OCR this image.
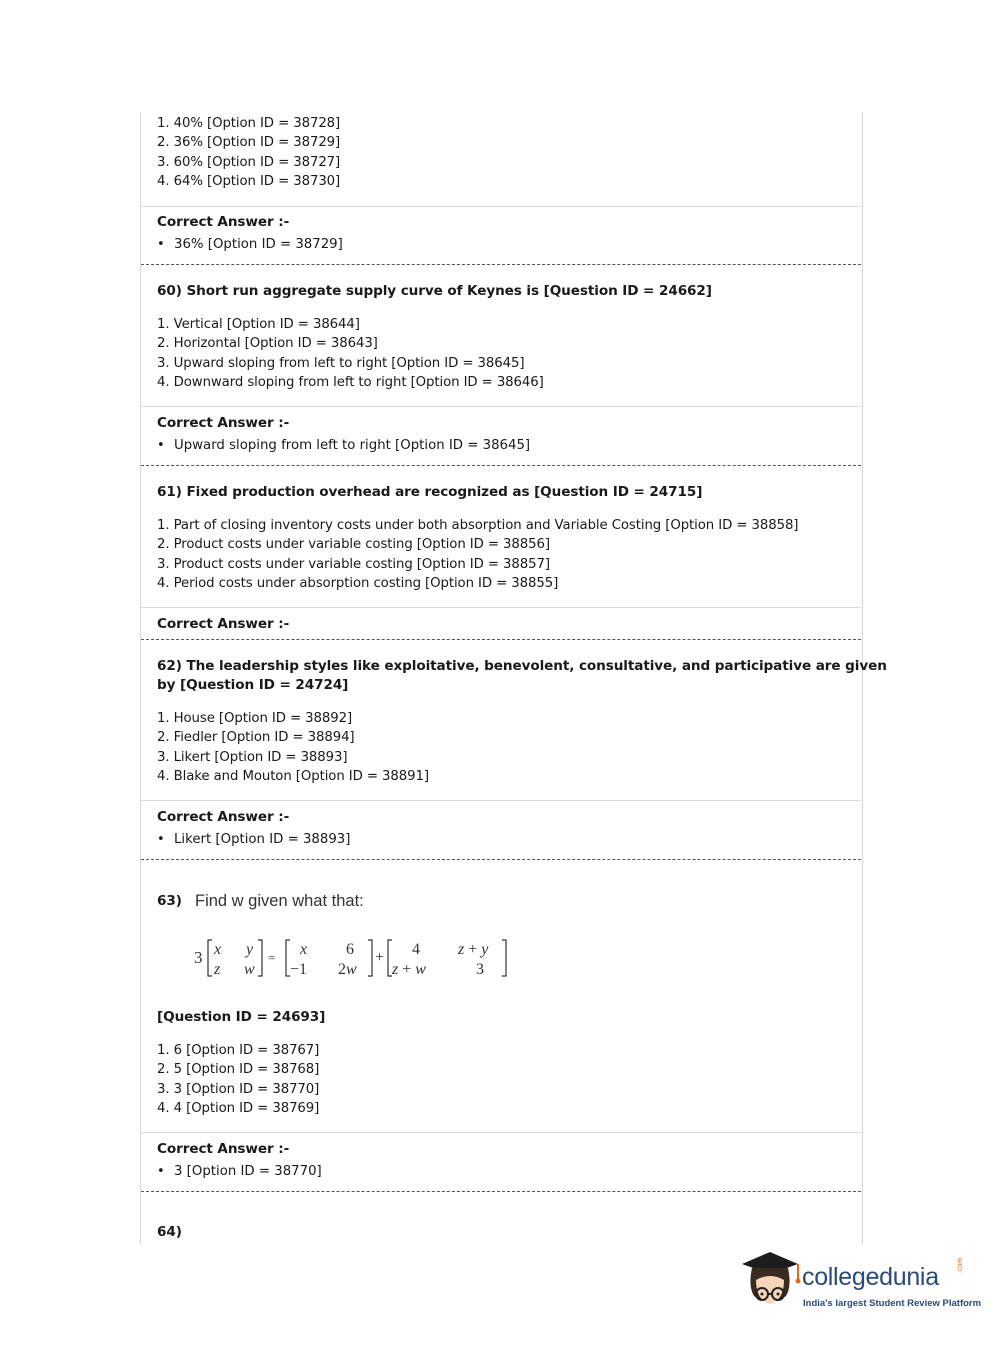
1. 40% [Option ID = 38728]
2. 36% [Option ID = 38729]
3. 60% [Option ID = 38727]
4. 64% [Option ID = 38730]
Correct Answer :-
• 36% [Option ID = 38729]
60) Short run aggregate supply curve of Keynes is [Question ID = 24662]
1. Vertical [Option ID = 38644]
2. Horizontal [Option ID = 38643]
3. Upward sloping from left to right [Option ID = 38645]
4. Downward sloping from left to right [Option ID = 38646]
Correct Answer :-
• Upward sloping from left to right [Option ID = 38645]
61) Fixed production overhead are recognized as [Question ID = 24715]
1. Part of closing inventory costs under both absorption and Variable Costing [Option ID = 38858]
2. Product costs under variable costing [Option ID = 38856]
3. Product costs under variable costing [Option ID = 38857]
4. Period costs under absorption costing [Option ID = 38855]
Correct Answer :-
62) The leadership styles like exploitative, benevolent, consultative, and participative are given
by [Question ID = 24724]
1. House [Option ID = 38892]
2. Fiedler [Option ID = 38894]
3. Likert [Option ID = 38893]
4. Blake and Mouton [Option ID = 38891]
Correct Answer :-
• Likert [Option ID = 38893]
63) Find w given what that:
3 x y
z w
= x 6
−1 2w
+ 4
z + w
z + y
3
[Question ID = 24693]
1. 6 [Option ID = 38767]
2. 5 [Option ID = 38768]
3. 3 [Option ID = 38770]
4. 4 [Option ID = 38769]
Correct Answer :-
• 3 [Option ID = 38770]
64)
collegedunia	.com
India's largest Student Review Platform
